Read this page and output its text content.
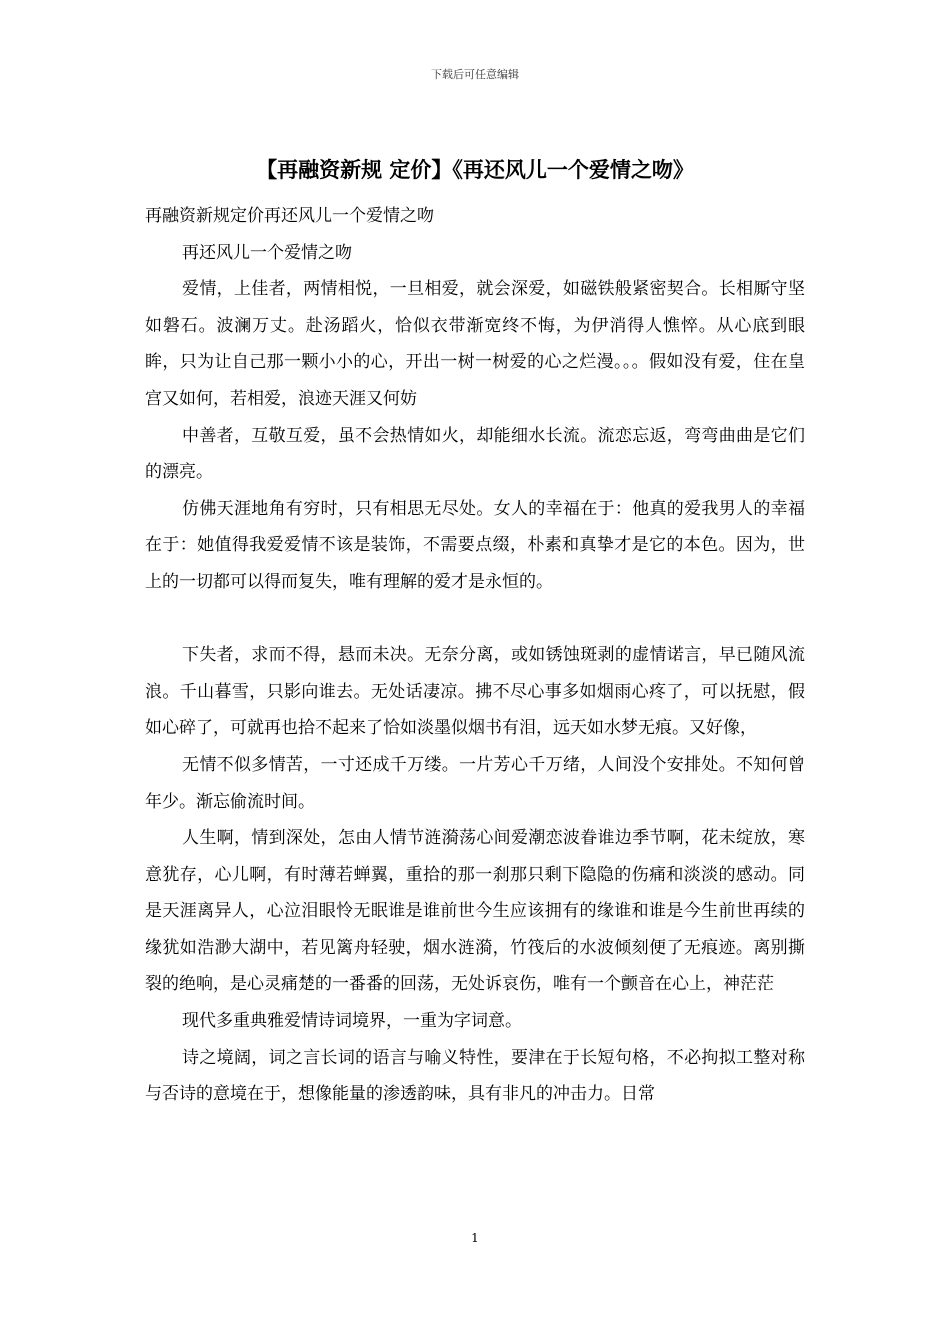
下载后可任意编辑
【再融资新规 定价】《再还风儿一个爱情之吻》

再融资新规定价再还风儿一个爱情之吻

再还风儿一个爱情之吻

爱情，上佳者，两情相悦，一旦相爱，就会深爱，如磁铁般紧密契合。长相厮守坚如磐石。波澜万丈。赴汤蹈火，恰似衣带渐宽终不悔，为伊消得人憔悴。从心底到眼眸，只为让自己那一颗小小的心，开出一树一树爱的心之烂漫。。。假如没有爱，住在皇宫又如何，若相爱，浪迹天涯又何妨

中善者，互敬互爱，虽不会热情如火，却能细水长流。流恋忘返，弯弯曲曲是它们的漂亮。

仿佛天涯地角有穷时，只有相思无尽处。女人的幸福在于：他真的爱我男人的幸福在于：她值得我爱爱情不该是装饰，不需要点缀，朴素和真挚才是它的本色。因为，世上的一切都可以得而复失，唯有理解的爱才是永恒的。

下失者，求而不得，悬而未决。无奈分离，或如锈蚀斑剥的虚情诺言，早已随风流浪。千山暮雪，只影向谁去。无处话凄凉。拂不尽心事多如烟雨心疼了，可以抚慰，假如心碎了，可就再也拾不起来了恰如淡墨似烟书有泪，远天如水梦无痕。又好像，

无情不似多情苦，一寸还成千万缕。一片芳心千万绪，人间没个安排处。不知何曾年少。渐忘偷流时间。

人生啊，情到深处，怎由人情节涟漪荡心间爱潮恋波眷谁边季节啊，花未绽放，寒意犹存，心儿啊，有时薄若蝉翼，重拾的那一刹那只剩下隐隐的伤痛和淡淡的感动。同是天涯离异人，心泣泪眼怜无眠谁是谁前世今生应该拥有的缘谁和谁是今生前世再续的缘犹如浩渺大湖中，若见篱舟轻驶，烟水涟漪，竹筏后的水波倾刻便了无痕迹。离别撕裂的绝响，是心灵痛楚的一番番的回荡，无处诉哀伤，唯有一个颤音在心上，神茫茫

现代多重典雅爱情诗词境界，一重为字词意。

诗之境阔，词之言长词的语言与喻义特性，要津在于长短句格，不必拘拟工整对称与否诗的意境在于，想像能量的渗透韵味，具有非凡的冲击力。日常

1
